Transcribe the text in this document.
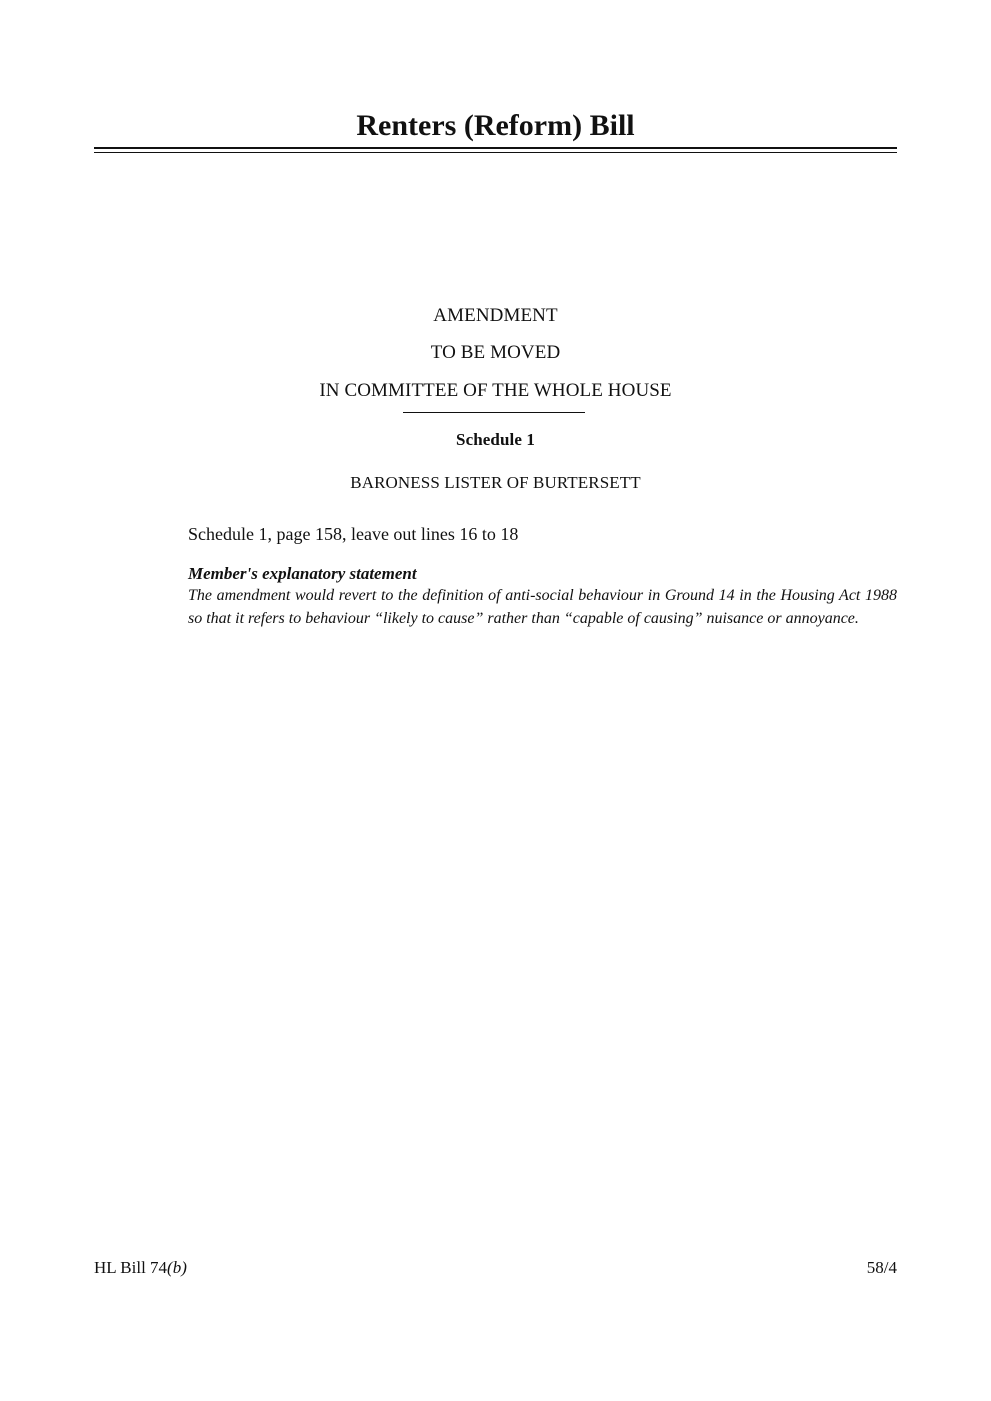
Renters (Reform) Bill
AMENDMENT
TO BE MOVED
IN COMMITTEE OF THE WHOLE HOUSE
Schedule 1
BARONESS LISTER OF BURTERSETT
Schedule 1, page 158, leave out lines 16 to 18
Member's explanatory statement

The amendment would revert to the definition of anti-social behaviour in Ground 14 in the Housing Act 1988 so that it refers to behaviour “likely to cause” rather than “capable of causing” nuisance or annoyance.

HL Bill 74(b)	58/4
